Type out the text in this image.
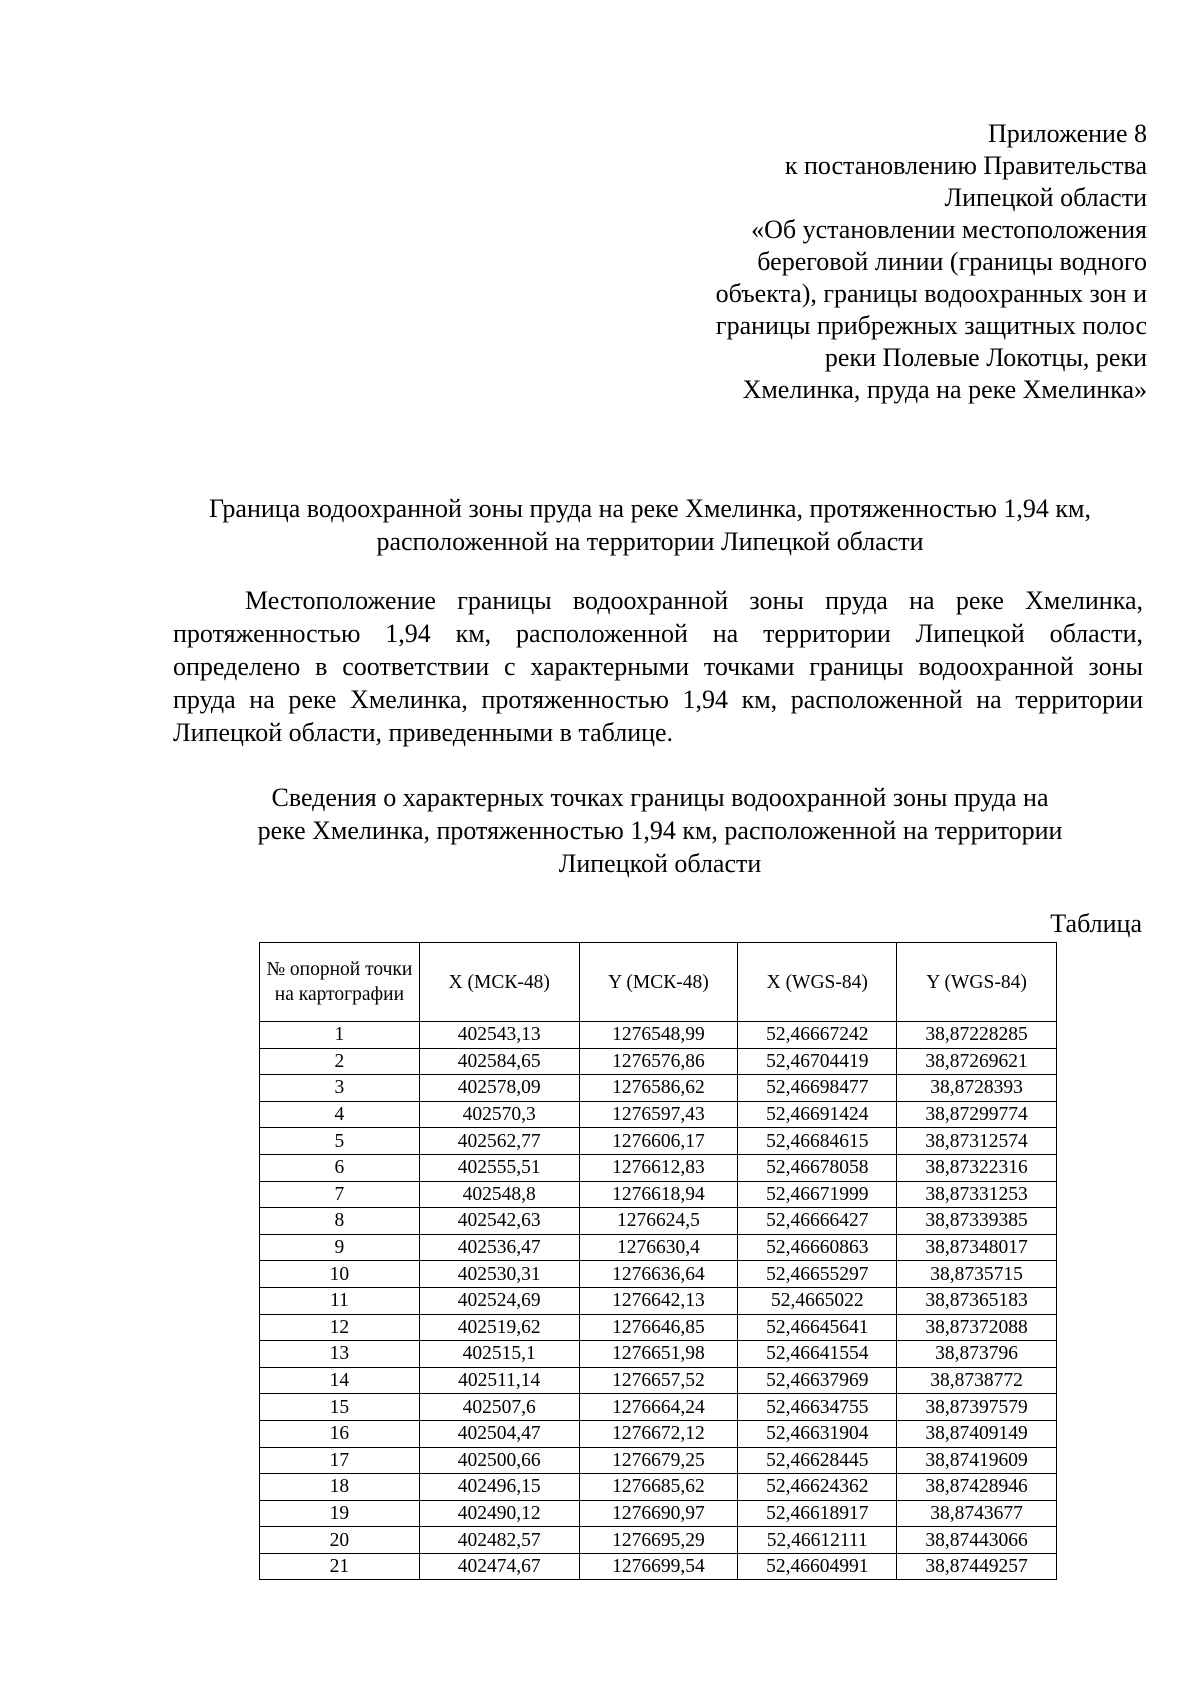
Приложение 8
к постановлению Правительства
Липецкой области
«Об установлении местоположения
береговой линии (границы водного
объекта), границы водоохранных зон и
границы прибрежных защитных полос
реки Полевые Локотцы, реки
Хмелинка, пруда на реке Хмелинка»
Граница водоохранной зоны пруда на реке Хмелинка, протяженностью 1,94 км,
расположенной на территории Липецкой области
Местоположение границы водоохранной зоны пруда на реке Хмелинка, протяженностью 1,94 км, расположенной на территории Липецкой области, определено в соответствии с характерными точками границы водоохранной зоны пруда на реке Хмелинка, протяженностью 1,94 км, расположенной на территории Липецкой области, приведенными в таблице.
Сведения о характерных точках границы водоохранной зоны пруда на
реке Хмелинка, протяженностью 1,94 км, расположенной на территории
Липецкой области
Таблица
№ опорной точки на картографии	X (МСК-48)	Y (МСК-48)	X (WGS-84)	Y (WGS-84)
1	402543,13	1276548,99	52,46667242	38,87228285
2	402584,65	1276576,86	52,46704419	38,87269621
3	402578,09	1276586,62	52,46698477	38,8728393
4	402570,3	1276597,43	52,46691424	38,87299774
5	402562,77	1276606,17	52,46684615	38,87312574
6	402555,51	1276612,83	52,46678058	38,87322316
7	402548,8	1276618,94	52,46671999	38,87331253
8	402542,63	1276624,5	52,46666427	38,87339385
9	402536,47	1276630,4	52,46660863	38,87348017
10	402530,31	1276636,64	52,46655297	38,8735715
11	402524,69	1276642,13	52,4665022	38,87365183
12	402519,62	1276646,85	52,46645641	38,87372088
13	402515,1	1276651,98	52,46641554	38,873796
14	402511,14	1276657,52	52,46637969	38,8738772
15	402507,6	1276664,24	52,46634755	38,87397579
16	402504,47	1276672,12	52,46631904	38,87409149
17	402500,66	1276679,25	52,46628445	38,87419609
18	402496,15	1276685,62	52,46624362	38,87428946
19	402490,12	1276690,97	52,46618917	38,8743677
20	402482,57	1276695,29	52,46612111	38,87443066
21	402474,67	1276699,54	52,46604991	38,87449257
